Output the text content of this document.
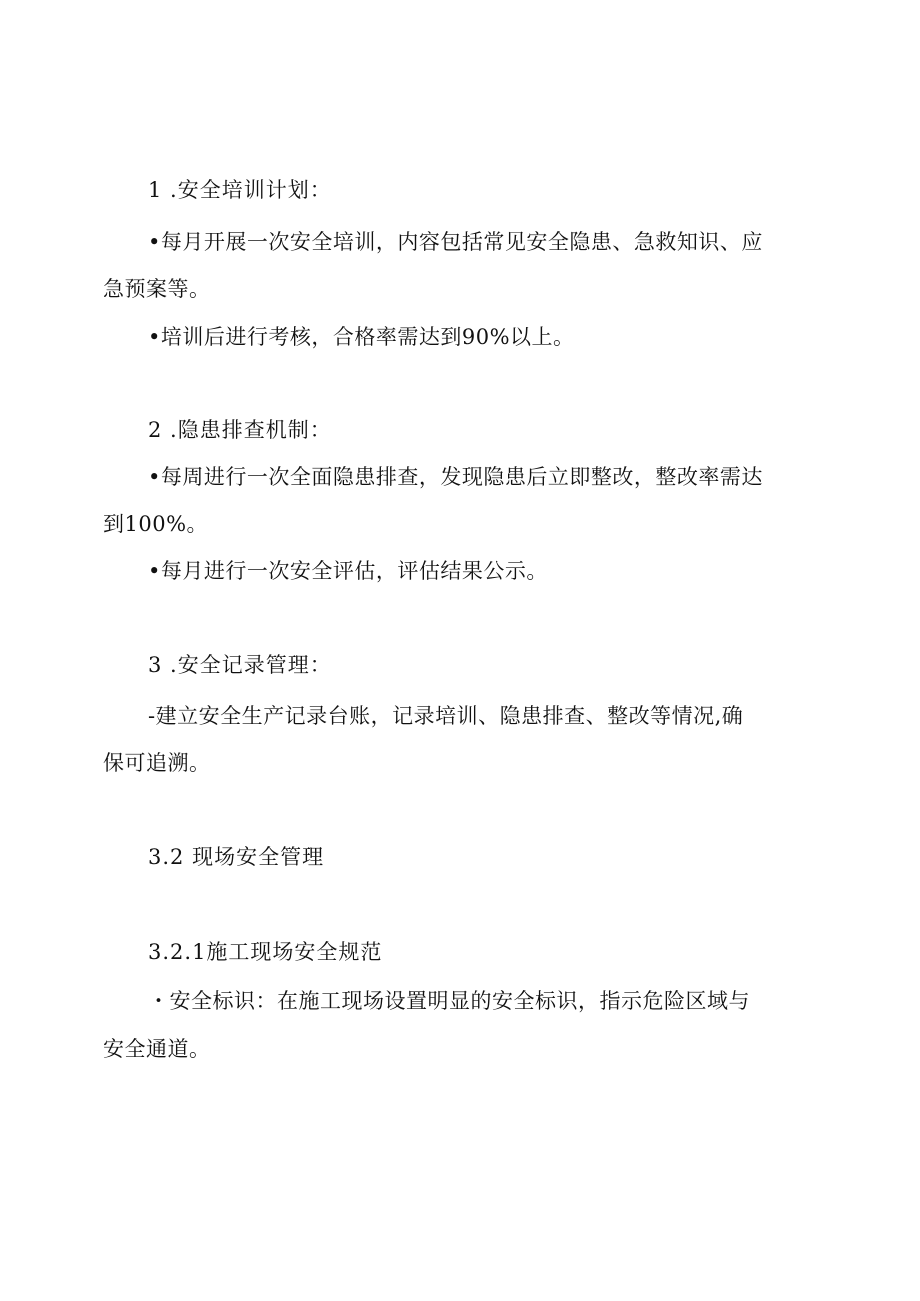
1 .安全培训计划：
•每月开展一次安全培训，内容包括常见安全隐患、急救知识、应
急预案等。
•培训后进行考核，合格率需达到90%以上。
2 .隐患排查机制：
•每周进行一次全面隐患排查，发现隐患后立即整改，整改率需达
到100%。
•每月进行一次安全评估，评估结果公示。
3 .安全记录管理：
-建立安全生产记录台账，记录培训、隐患排查、整改等情况,确
保可追溯。
3.2 现场安全管理
3.2.1施工现场安全规范
・安全标识：在施工现场设置明显的安全标识，指示危险区域与
安全通道。
